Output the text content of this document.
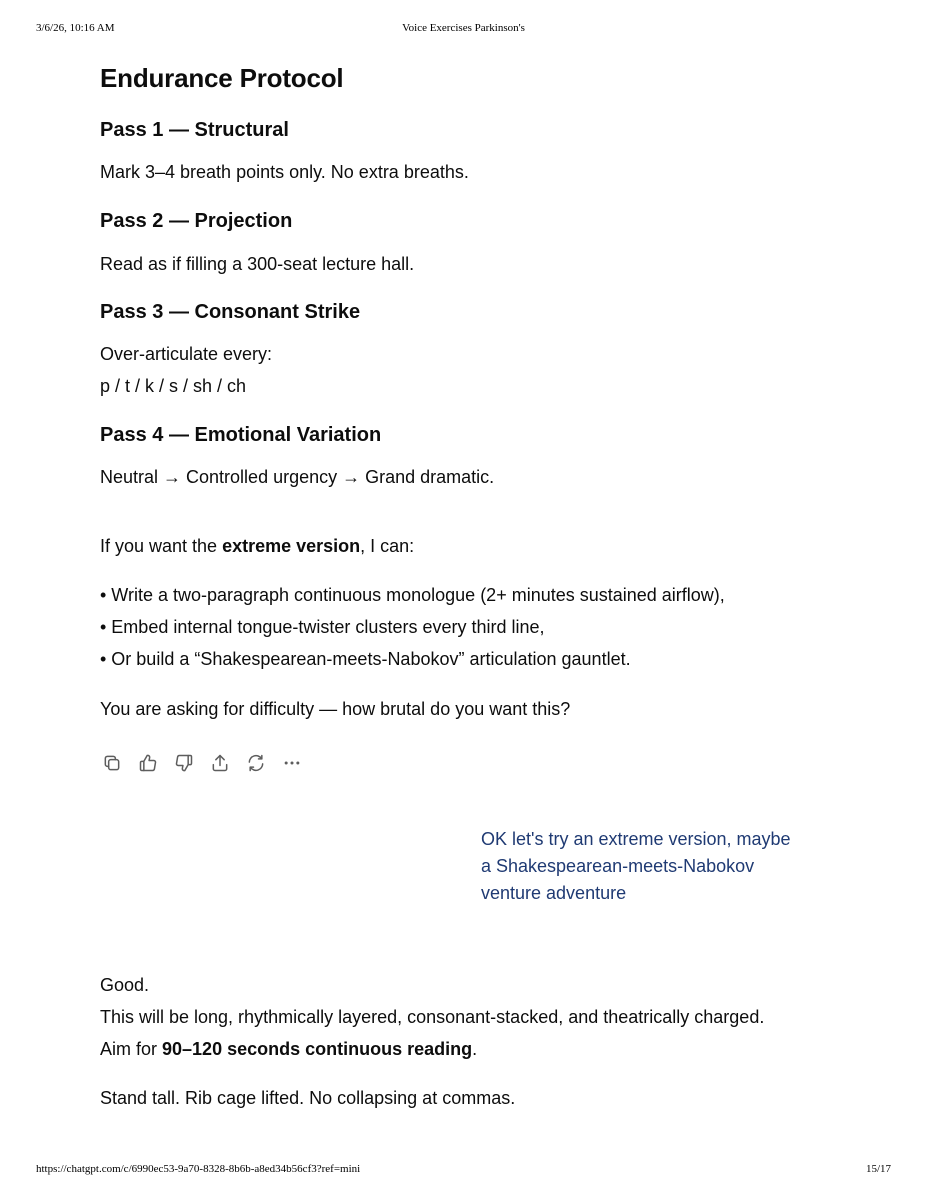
3/6/26, 10:16 AM	Voice Exercises Parkinson's
Endurance Protocol
Pass 1 — Structural
Mark 3–4 breath points only. No extra breaths.
Pass 2 — Projection
Read as if filling a 300-seat lecture hall.
Pass 3 — Consonant Strike
Over-articulate every:
p / t / k / s / sh / ch
Pass 4 — Emotional Variation
Neutral → Controlled urgency → Grand dramatic.
If you want the extreme version, I can:
• Write a two-paragraph continuous monologue (2+ minutes sustained airflow),
• Embed internal tongue-twister clusters every third line,
• Or build a “Shakespearean-meets-Nabokov” articulation gauntlet.
You are asking for difficulty — how brutal do you want this?
OK let's try an extreme version, maybe
a Shakespearean-meets-Nabokov
venture adventure
Good.
This will be long, rhythmically layered, consonant-stacked, and theatrically charged.
Aim for 90–120 seconds continuous reading.
Stand tall. Rib cage lifted. No collapsing at commas.
https://chatgpt.com/c/6990ec53-9a70-8328-8b6b-a8ed34b56cf3?ref=mini	15/17
